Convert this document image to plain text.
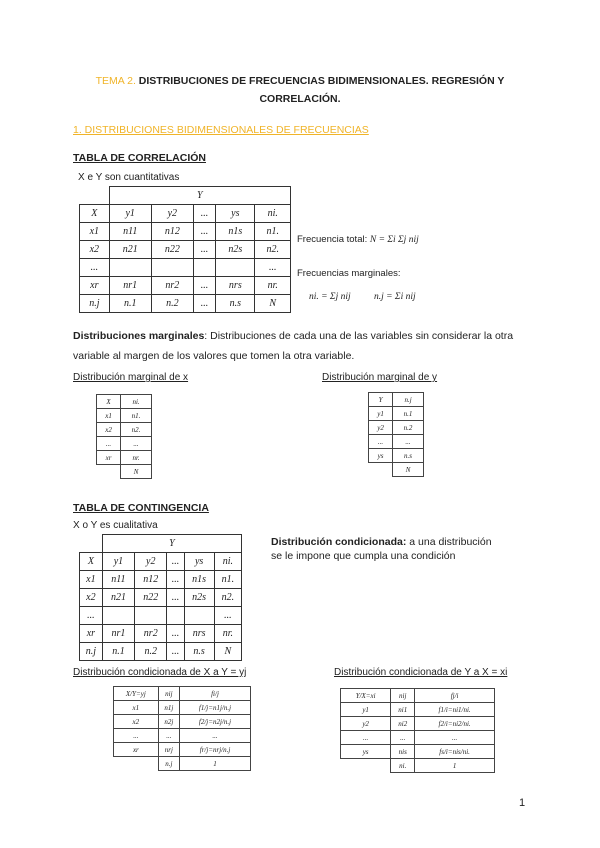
TEMA 2. DISTRIBUCIONES DE FRECUENCIAS BIDIMENSIONALES. REGRESIÓN Y CORRELACIÓN.
1. DISTRIBUCIONES BIDIMENSIONALES DE FRECUENCIAS
TABLA DE CORRELACIÓN
X e Y son cuantitativas
	Y				
X	y1	y2	...	ys	ni.
x1	n11	n12	...	n1s	n1.
x2	n21	n22	...	n2s	n2.
...					...
xr	nr1	nr2	...	nrs	nr.
n.j	n.1	n.2	...	n.s	N
Frecuencia total: N = Σi Σj nij
Frecuencias marginales:
ni. = Σj nij n.j = Σi nij
Distribuciones marginales: Distribuciones de cada una de las variables sin considerar la otra variable al margen de los valores que tomen la otra variable.
Distribución marginal de x	Distribución marginal de y
X	ni.
x1	n1.
x2	n2.
...	...
xr	nr.
	N
Y	n.j
y1	n.1
y2	n.2
...	...
ys	n.s
	N
TABLA DE CONTINGENCIA
X o Y es cualitativa
	Y				
X	y1	y2	...	ys	ni.
x1	n11	n12	...	n1s	n1.
x2	n21	n22	...	n2s	n2.
...					...
xr	nr1	nr2	...	nrs	nr.
n.j	n.1	n.2	...	n.s	N
Distribución condicionada: a una distribución
se le impone que cumpla una condición
Distribución condicionada de X a Y = yj	Distribución condicionada de Y a X = xi
X/Y=yj	nij	fi/j
x1	n1j	f1/j=n1j/n.j
x2	n2j	f2/j=n2j/n.j
...	...	...
xr	nrj	fr/j=nrj/n.j
	n.j	1
Y/X=xi	nij	fj/i
y1	ni1	f1/i=ni1/ni.
y2	ni2	f2/i=ni2/ni.
...	...	...
ys	nis	fs/i=nis/ni.
	ni.	1
1
